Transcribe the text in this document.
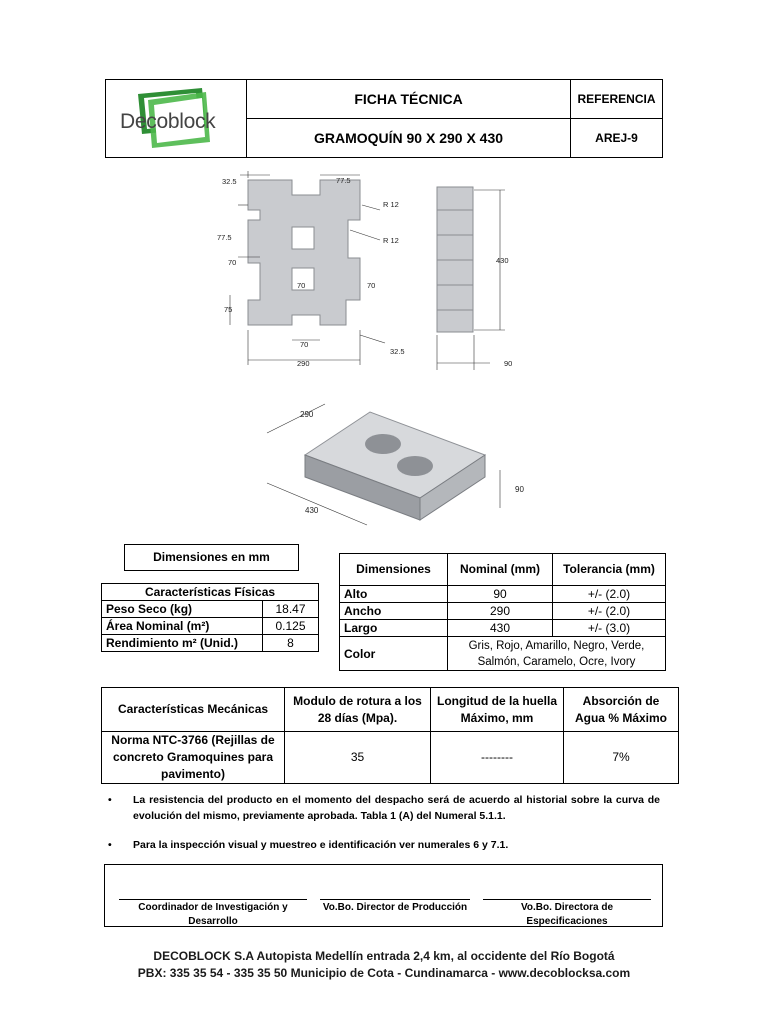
	FICHA TÉCNICA	REFERENCIA
	GRAMOQUÍN 90 X 290 X 430	AREJ-9
Decoblock
32.5	77.5
R 12
R 12
77.5
70
70	70
75
70
32.5
290
430
90
290
430
90
Dimensiones en mm
Características Físicas	
Peso Seco (kg)	18.47
Área Nominal (m²)	0.125
Rendimiento m² (Unid.)	8
Dimensiones	Nominal (mm)	Tolerancia (mm)
Alto	90	+/- (2.0)
Ancho	290	+/- (2.0)
Largo	430	+/- (3.0)
Color	Gris, Rojo, Amarillo, Negro, Verde,
Salmón, Caramelo, Ocre, Ivory	
Características Mecánicas	Modulo de rotura a los 28 días (Mpa).	Longitud de la huella Máximo, mm	Absorción de Agua % Máximo
Norma NTC-3766 (Rejillas de concreto Gramoquines para pavimento)	35	--------	7%
• La resistencia del producto en el momento del despacho será de acuerdo al historial sobre la curva de evolución del mismo, previamente aprobada. Tabla 1 (A) del Numeral 5.1.1.
• Para la inspección visual y muestreo e identificación ver numerales 6 y 7.1.
Coordinador de Investigación y Desarrollo
Vo.Bo. Director de Producción	Vo.Bo. Directora de Especificaciones
DECOBLOCK S.A Autopista Medellín entrada 2,4 km, al occidente del Río Bogotá
PBX: 335 35 54 - 335 35 50 Municipio de Cota - Cundinamarca - www.decoblocksa.com
